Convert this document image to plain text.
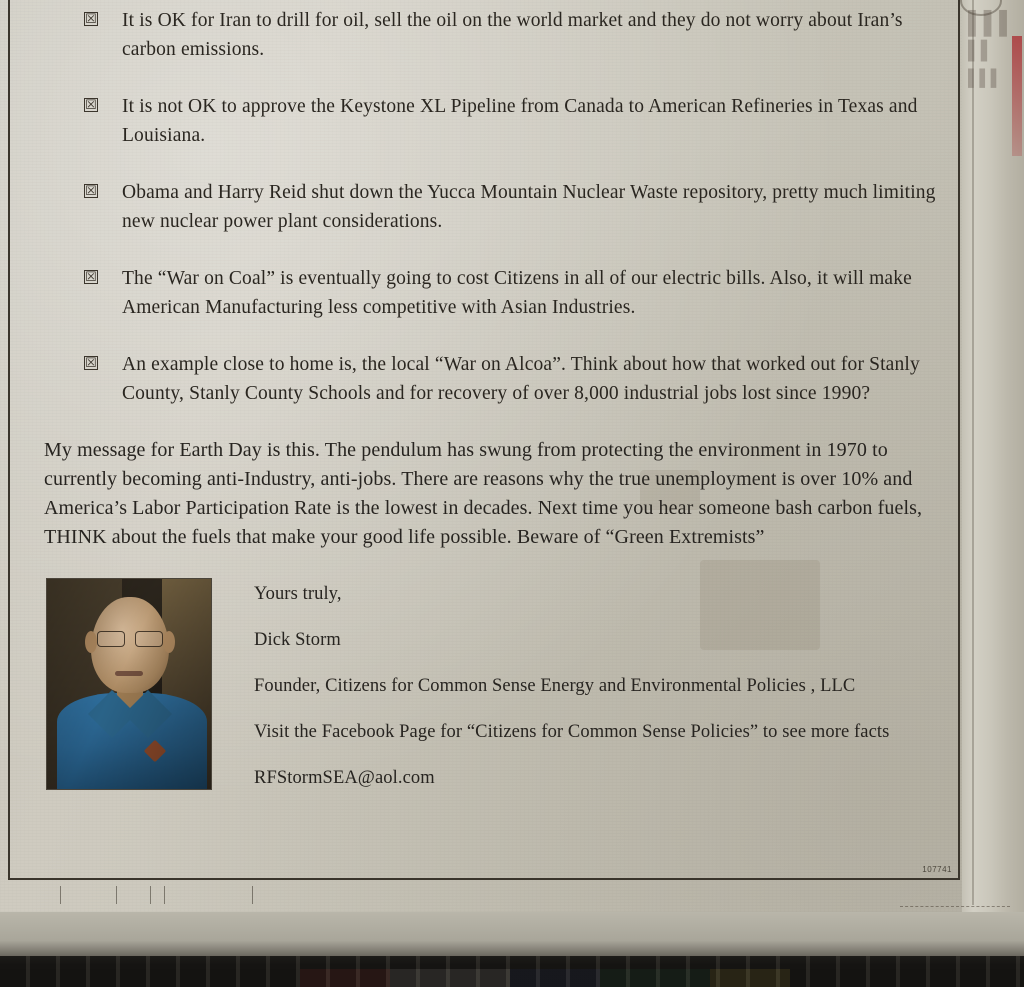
▌▌▌
▌▌
▌▌▌
☒ It is OK for Iran to drill for oil, sell the oil on the world market and they do not worry about Iran’s carbon emissions.
☒ It is not OK to approve the Keystone XL Pipeline from Canada to American Refineries in Texas and Louisiana.
☒ Obama and Harry Reid shut down the Yucca Mountain Nuclear Waste repository, pretty much limiting new nuclear power plant considerations.
☒ The “War on Coal” is eventually going to cost Citizens in all of our electric bills. Also, it will make American Manufacturing less competitive with Asian Industries.
☒ An example close to home is, the local “War on Alcoa”. Think about how that worked out for Stanly County, Stanly County Schools and for recovery of over 8,000 industrial jobs lost since 1990?

My message for Earth Day is this. The pendulum has swung from protecting the environment in 1970 to currently becoming anti-Industry, anti-jobs. There are reasons why the true unemployment is over 10% and America’s Labor Participation Rate is the lowest in decades. Next time you hear someone bash carbon fuels, THINK about the fuels that make your good life possible. Beware of “Green Extremists”

Yours truly,
Dick Storm
Founder, Citizens for Common Sense Energy and Environmental Policies , LLC
Visit the Facebook Page for “Citizens for Common Sense Policies” to see more facts
RFStormSEA@aol.com
107741
